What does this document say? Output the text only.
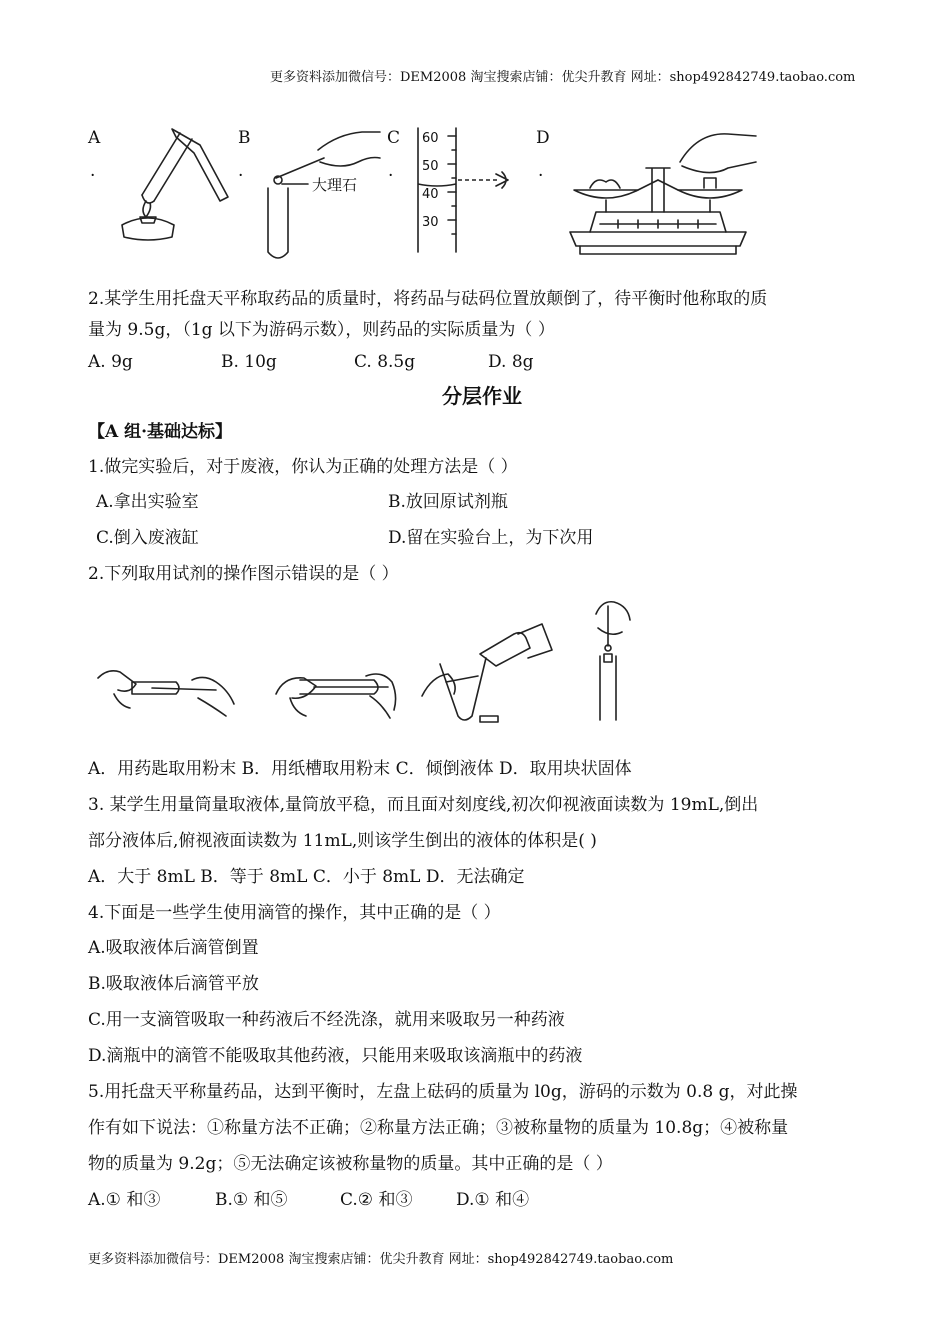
更多资料添加微信号：DEM2008 淘宝搜索店铺：优尖升教育 网址：shop492842749.taobao.com
A
·
B
·
C
·
D
·
大理石
60
50
40
30
2.某学生用托盘天平称取药品的质量时，将药品与砝码位置放颠倒了，待平衡时他称取的质
量为 9.5g，（1g 以下为游码示数），则药品的实际质量为（ ）
A. 9g	B. 10g	C. 8.5g	D. 8g
分层作业
【A 组·基础达标】
1.做完实验后，对于废液，你认为正确的处理方法是（ ）
A.拿出实验室	B.放回原试剂瓶
C.倒入废液缸	D.留在实验台上，为下次用
2.下列取用试剂的操作图示错误的是（ ）
A．用药匙取用粉末 B．用纸槽取用粉末 C．倾倒液体 D．取用块状固体
3. 某学生用量筒量取液体,量筒放平稳，而且面对刻度线,初次仰视液面读数为 19mL,倒出
部分液体后,俯视液面读数为 11mL,则该学生倒出的液体的体积是( )
A．大于 8mL B．等于 8mL C．小于 8mL D．无法确定
4.下面是一些学生使用滴管的操作，其中正确的是（ ）
A.吸取液体后滴管倒置
B.吸取液体后滴管平放
C.用一支滴管吸取一种药液后不经洗涤，就用来吸取另一种药液
D.滴瓶中的滴管不能吸取其他药液，只能用来吸取该滴瓶中的药液
5.用托盘天平称量药品，达到平衡时，左盘上砝码的质量为 l0g，游码的示数为 0.8 g，对此操
作有如下说法：①称量方法不正确；②称量方法正确；③被称量物的质量为 10.8g；④被称量
物的质量为 9.2g；⑤无法确定该被称量物的质量。其中正确的是（ ）
A.① 和③	B.① 和⑤	C.② 和③	D.① 和④
更多资料添加微信号：DEM2008 淘宝搜索店铺：优尖升教育 网址：shop492842749.taobao.com
